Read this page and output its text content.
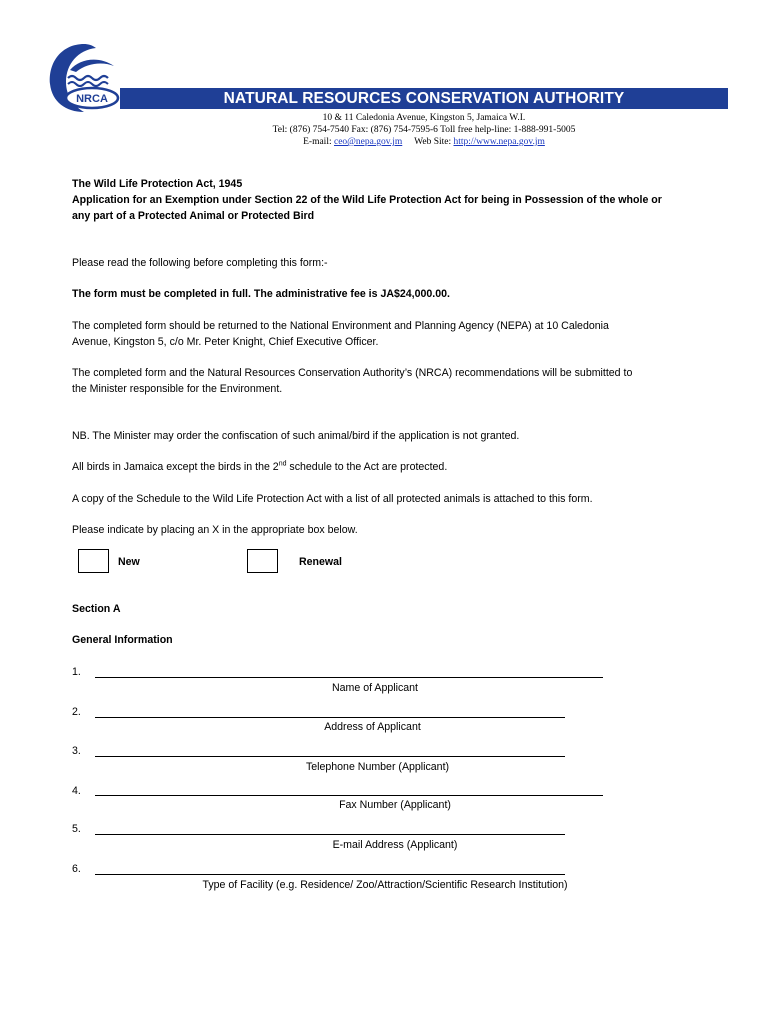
NRCA	NATURAL RESOURCES CONSERVATION AUTHORITY
10 & 11 Caledonia Avenue, Kingston 5, Jamaica W.I.
Tel: (876) 754-7540 Fax: (876) 754-7595-6 Toll free help-line: 1-888-991-5005
E-mail: ceo@nepa.gov.jm Web Site: http://www.nepa.gov.jm
The Wild Life Protection Act, 1945
Application for an Exemption under Section 22 of the Wild Life Protection Act for being in Possession of the whole or
any part of a Protected Animal or Protected Bird
Please read the following before completing this form:-
The form must be completed in full. The administrative fee is JA$24,000.00.
The completed form should be returned to the National Environment and Planning Agency (NEPA) at 10 Caledonia
Avenue, Kingston 5, c/o Mr. Peter Knight, Chief Executive Officer.
The completed form and the Natural Resources Conservation Authority’s (NRCA) recommendations will be submitted to
the Minister responsible for the Environment.
NB. The Minister may order the confiscation of such animal/bird if the application is not granted.
All birds in Jamaica except the birds in the 2nd schedule to the Act are protected.
A copy of the Schedule to the Wild Life Protection Act with a list of all protected animals is attached to this form.
Please indicate by placing an X in the appropriate box below.
New	Renewal
Section A
General Information
1.
Name of Applicant
2.
Address of Applicant
3.
Telephone Number (Applicant)
4.
Fax Number (Applicant)
5.
E-mail Address (Applicant)
6.
Type of Facility (e.g. Residence/ Zoo/Attraction/Scientific Research Institution)
